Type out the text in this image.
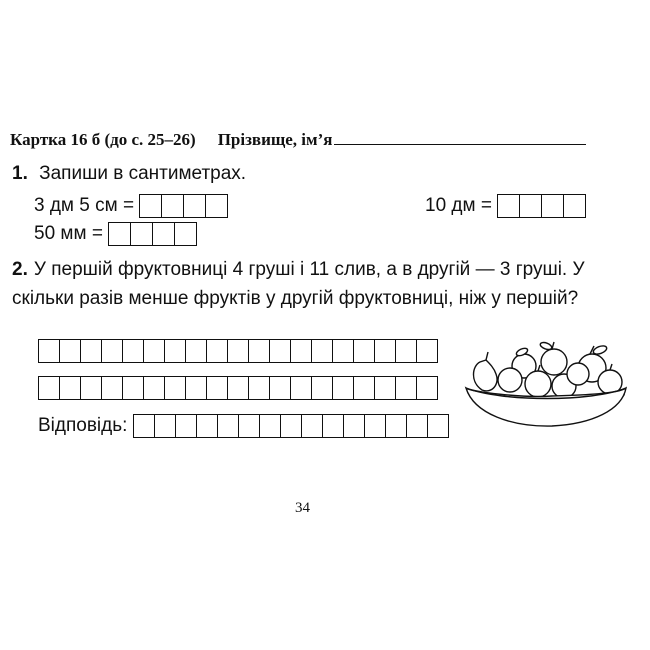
Картка 16 б (до с. 25–26) Прізвище, ім’я
1. Запиши в сантиметрах.
3 дм 5 см =	10 дм =
50 мм =
2. У першій фруктовниці 4 груші і 11 слив, а в другій — 3 груші. У скільки разів менше фруктів у другій фруктовниці, ніж у першій?
Відповідь:
34
